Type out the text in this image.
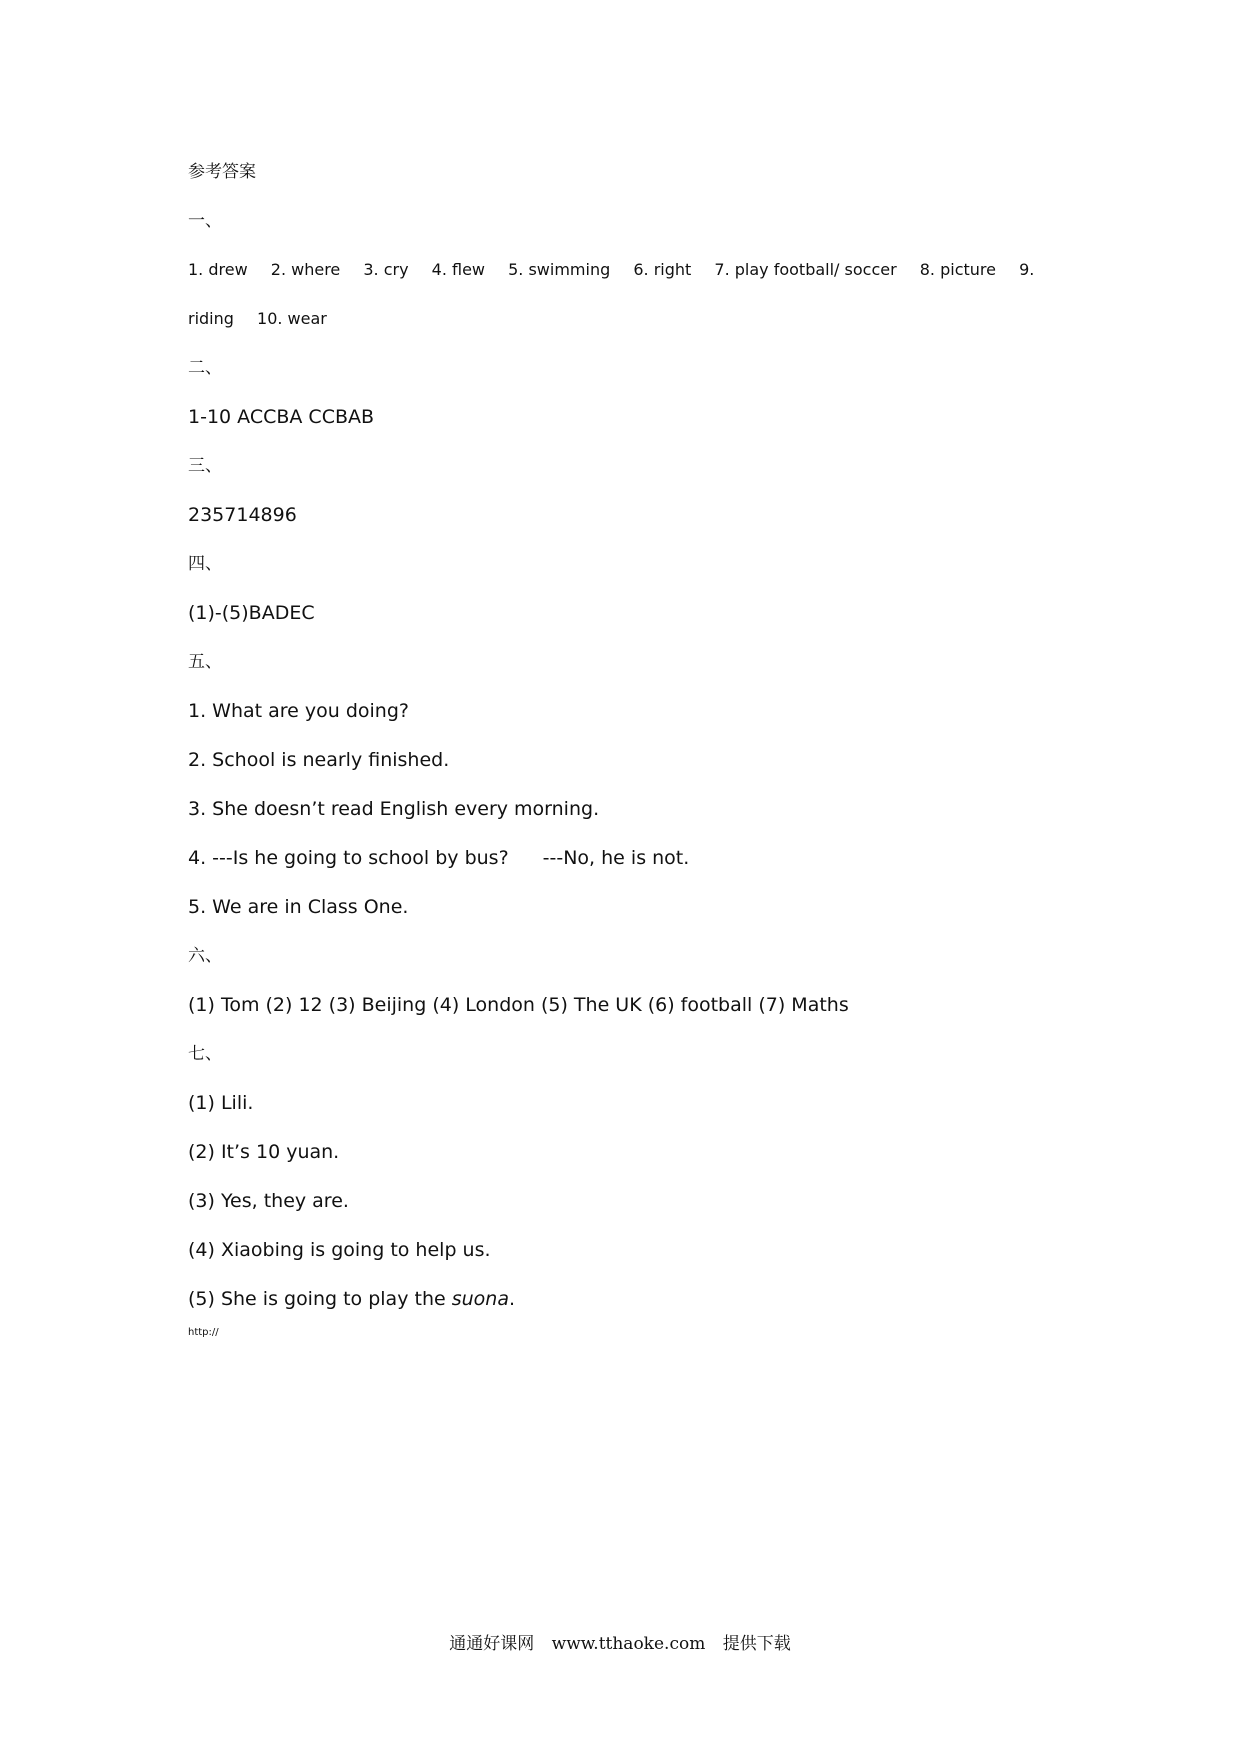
参考答案
一、
1. drew 2. where 3. cry 4. flew 5. swimming 6. right 7. play football/ soccer 8. picture 9.
riding 10. wear
二、
1-10 ACCBA CCBAB
三、
235714896
四、
(1)-(5)BADEC
五、
1. What are you doing?
2. School is nearly finished.
3. She doesn’t read English every morning.
4. ---Is he going to school by bus? ---No, he is not.
5. We are in Class One.
六、
(1) Tom (2) 12 (3) Beijing (4) London (5) The UK (6) football (7) Maths
七、
(1) Lili.
(2) It’s 10 yuan.
(3) Yes, they are.
(4) Xiaobing is going to help us.
(5) She is going to play the suona.
http://
通通好课网 www.tthaoke.com 提供下载
